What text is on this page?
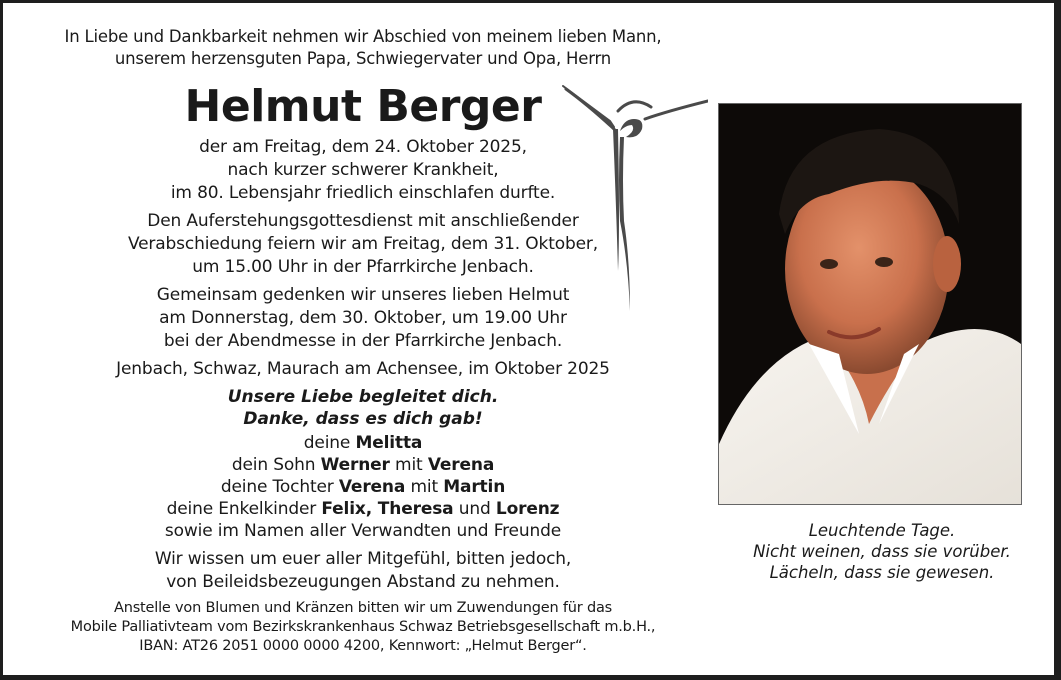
In Liebe und Dankbarkeit nehmen wir Abschied von meinem lieben Mann,
unserem herzensguten Papa, Schwiegervater und Opa, Herrn
Helmut Berger
der am Freitag, dem 24. Oktober 2025,
nach kurzer schwerer Krankheit,
im 80. Lebensjahr friedlich einschlafen durfte.
Den Auferstehungsgottesdienst mit anschließender
Verabschiedung feiern wir am Freitag, dem 31. Oktober,
um 15.00 Uhr in der Pfarrkirche Jenbach.
Gemeinsam gedenken wir unseres lieben Helmut
am Donnerstag, dem 30. Oktober, um 19.00 Uhr
bei der Abendmesse in der Pfarrkirche Jenbach.
Jenbach, Schwaz, Maurach am Achensee, im Oktober 2025
Unsere Liebe begleitet dich.
Danke, dass es dich gab!
deine Melitta
dein Sohn Werner mit Verena
deine Tochter Verena mit Martin
deine Enkelkinder Felix, Theresa und Lorenz
sowie im Namen aller Verwandten und Freunde
Wir wissen um euer aller Mitgefühl, bitten jedoch,
von Beileidsbezeugungen Abstand zu nehmen.
Anstelle von Blumen und Kränzen bitten wir um Zuwendungen für das
Mobile Palliativteam vom Bezirkskrankenhaus Schwaz Betriebsgesellschaft m.b.H.,
IBAN: AT26 2051 0000 0000 4200, Kennwort: „Helmut Berger“.
Leuchtende Tage.
Nicht weinen, dass sie vorüber.
Lächeln, dass sie gewesen.
